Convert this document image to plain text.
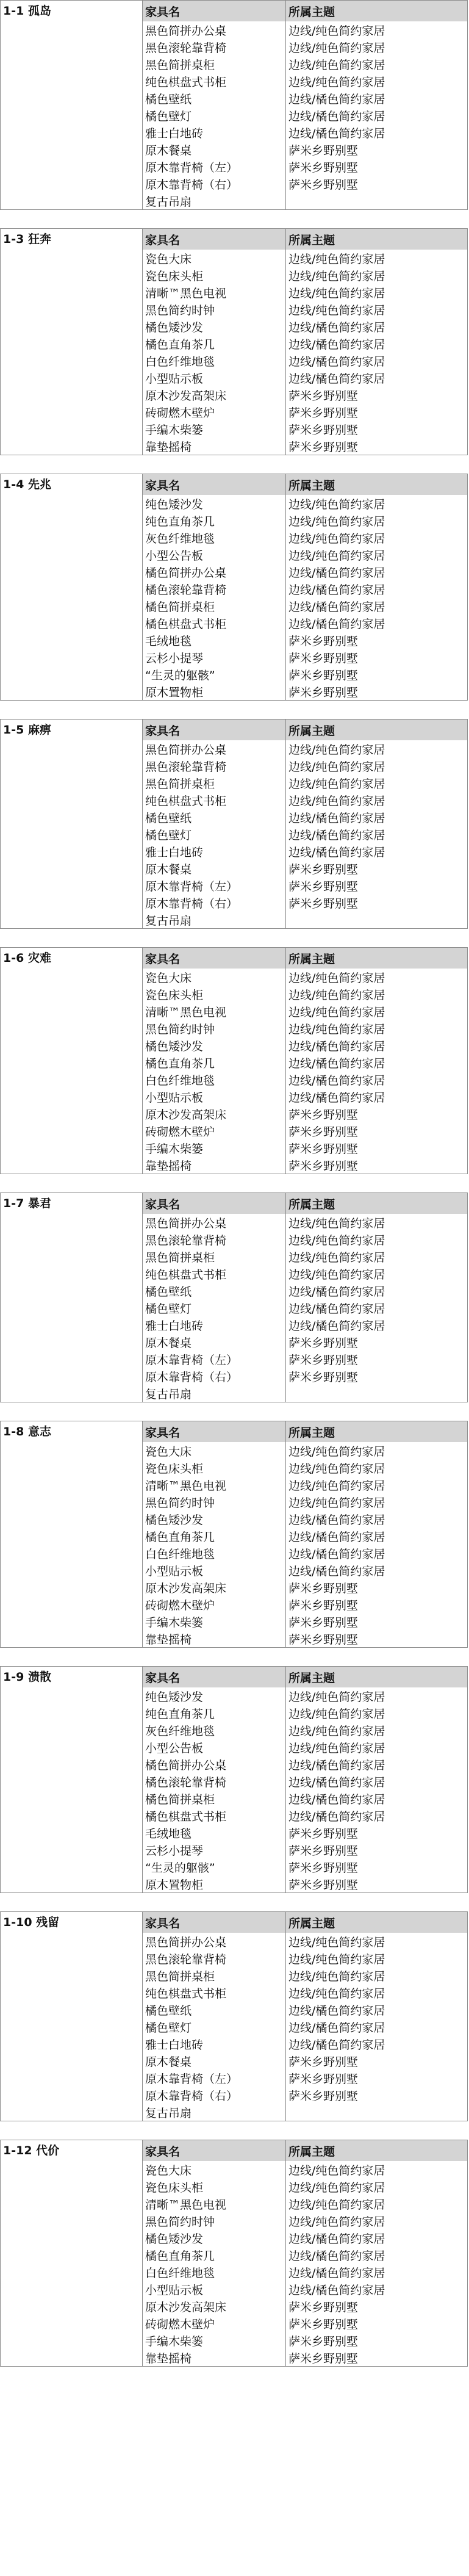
家具名	所属主题
1-1 孤岛
黑色简拼办公桌	边线/纯色简约家居
黑色滚轮靠背椅	边线/纯色简约家居
黑色简拼桌柜	边线/纯色简约家居
纯色棋盘式书柜	边线/纯色简约家居
橘色壁纸	边线/橘色简约家居
橘色壁灯	边线/橘色简约家居
雅士白地砖	边线/橘色简约家居
原木餐桌	萨米乡野别墅
原木靠背椅（左）	萨米乡野别墅
原木靠背椅（右）	萨米乡野别墅
复古吊扇
家具名	所属主题
1-3 狂奔
瓷色大床	边线/纯色简约家居
瓷色床头柜	边线/纯色简约家居
清晰™黑色电视	边线/纯色简约家居
黑色简约时钟	边线/纯色简约家居
橘色矮沙发	边线/橘色简约家居
橘色直角茶几	边线/橘色简约家居
白色纤维地毯	边线/橘色简约家居
小型贴示板	边线/橘色简约家居
原木沙发高架床	萨米乡野别墅
砖砌燃木壁炉	萨米乡野别墅
手编木柴篓	萨米乡野别墅
靠垫摇椅	萨米乡野别墅
家具名	所属主题
1-4 先兆
纯色矮沙发	边线/纯色简约家居
纯色直角茶几	边线/纯色简约家居
灰色纤维地毯	边线/纯色简约家居
小型公告板	边线/纯色简约家居
橘色简拼办公桌	边线/橘色简约家居
橘色滚轮靠背椅	边线/橘色简约家居
橘色简拼桌柜	边线/橘色简约家居
橘色棋盘式书柜	边线/橘色简约家居
毛绒地毯	萨米乡野别墅
云杉小提琴	萨米乡野别墅
“生灵的躯骸”	萨米乡野别墅
原木置物柜	萨米乡野别墅
家具名	所属主题
1-5 麻痹
黑色简拼办公桌	边线/纯色简约家居
黑色滚轮靠背椅	边线/纯色简约家居
黑色简拼桌柜	边线/纯色简约家居
纯色棋盘式书柜	边线/纯色简约家居
橘色壁纸	边线/橘色简约家居
橘色壁灯	边线/橘色简约家居
雅士白地砖	边线/橘色简约家居
原木餐桌	萨米乡野别墅
原木靠背椅（左）	萨米乡野别墅
原木靠背椅（右）	萨米乡野别墅
复古吊扇
家具名	所属主题
1-6 灾难
瓷色大床	边线/纯色简约家居
瓷色床头柜	边线/纯色简约家居
清晰™黑色电视	边线/纯色简约家居
黑色简约时钟	边线/纯色简约家居
橘色矮沙发	边线/橘色简约家居
橘色直角茶几	边线/橘色简约家居
白色纤维地毯	边线/橘色简约家居
小型贴示板	边线/橘色简约家居
原木沙发高架床	萨米乡野别墅
砖砌燃木壁炉	萨米乡野别墅
手编木柴篓	萨米乡野别墅
靠垫摇椅	萨米乡野别墅
家具名	所属主题
1-7 暴君
黑色简拼办公桌	边线/纯色简约家居
黑色滚轮靠背椅	边线/纯色简约家居
黑色简拼桌柜	边线/纯色简约家居
纯色棋盘式书柜	边线/纯色简约家居
橘色壁纸	边线/橘色简约家居
橘色壁灯	边线/橘色简约家居
雅士白地砖	边线/橘色简约家居
原木餐桌	萨米乡野别墅
原木靠背椅（左）	萨米乡野别墅
原木靠背椅（右）	萨米乡野别墅
复古吊扇
家具名	所属主题
1-8 意志
瓷色大床	边线/纯色简约家居
瓷色床头柜	边线/纯色简约家居
清晰™黑色电视	边线/纯色简约家居
黑色简约时钟	边线/纯色简约家居
橘色矮沙发	边线/橘色简约家居
橘色直角茶几	边线/橘色简约家居
白色纤维地毯	边线/橘色简约家居
小型贴示板	边线/橘色简约家居
原木沙发高架床	萨米乡野别墅
砖砌燃木壁炉	萨米乡野别墅
手编木柴篓	萨米乡野别墅
靠垫摇椅	萨米乡野别墅
家具名	所属主题
1-9 溃散
纯色矮沙发	边线/纯色简约家居
纯色直角茶几	边线/纯色简约家居
灰色纤维地毯	边线/纯色简约家居
小型公告板	边线/纯色简约家居
橘色简拼办公桌	边线/橘色简约家居
橘色滚轮靠背椅	边线/橘色简约家居
橘色简拼桌柜	边线/橘色简约家居
橘色棋盘式书柜	边线/橘色简约家居
毛绒地毯	萨米乡野别墅
云杉小提琴	萨米乡野别墅
“生灵的躯骸”	萨米乡野别墅
原木置物柜	萨米乡野别墅
家具名	所属主题
1-10 残留
黑色简拼办公桌	边线/纯色简约家居
黑色滚轮靠背椅	边线/纯色简约家居
黑色简拼桌柜	边线/纯色简约家居
纯色棋盘式书柜	边线/纯色简约家居
橘色壁纸	边线/橘色简约家居
橘色壁灯	边线/橘色简约家居
雅士白地砖	边线/橘色简约家居
原木餐桌	萨米乡野别墅
原木靠背椅（左）	萨米乡野别墅
原木靠背椅（右）	萨米乡野别墅
复古吊扇
家具名	所属主题
1-12 代价
瓷色大床	边线/纯色简约家居
瓷色床头柜	边线/纯色简约家居
清晰™黑色电视	边线/纯色简约家居
黑色简约时钟	边线/纯色简约家居
橘色矮沙发	边线/橘色简约家居
橘色直角茶几	边线/橘色简约家居
白色纤维地毯	边线/橘色简约家居
小型贴示板	边线/橘色简约家居
原木沙发高架床	萨米乡野别墅
砖砌燃木壁炉	萨米乡野别墅
手编木柴篓	萨米乡野别墅
靠垫摇椅	萨米乡野别墅
